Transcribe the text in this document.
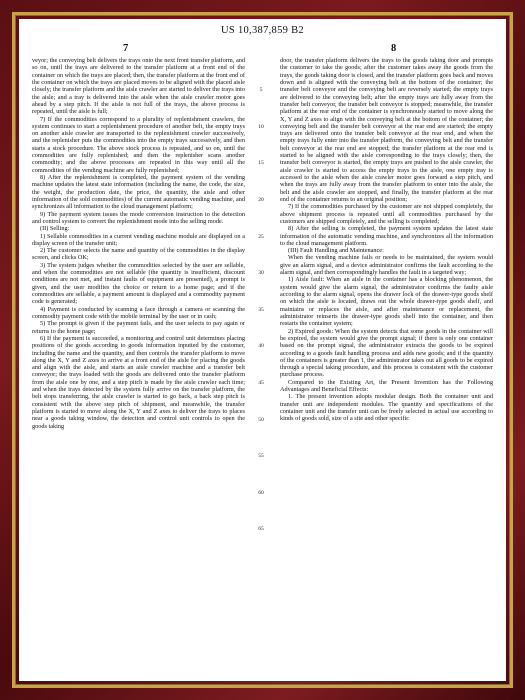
US 10,387,859 B2
7	8

veyor; the conveying belt delivers the trays onto the next front transfer platform, and so on, until the trays are delivered to the transfer platform at a front end of the container on which the trays are placed; then, the transfer platform at the front end of the container on which the trays are placed moves to be aligned with the placed aisle closely; the transfer platform and the aisle crawler are started to deliver the trays into the aisle; and a tray is delivered into the aisle when the aisle crawler motor goes ahead by a step pitch. If the aisle is not full of the trays, the above process is repeated, until the aisle is full;

7) If the commodities correspond to a plurality of replenishment crawlers, the system continues to start a replenishment procedure of another belt, the empty trays on another aisle crawler are transported to the replenishment crawler successively, and the replenisher puts the commodities into the empty trays successively, and then starts a stock procedure. The above stock process is repeated, and so on, until the commodities are fully replenished; and then the replenisher scans another commodity; and the above processes are repeated in this way until all the commodities of the vending machine are fully replenished;

8) After the replenishment is completed, the payment system of the vending machine updates the latest state information (including the name, the code, the size, the weight, the production date, the price, the quantity, the aisle and other information of the sold commodities) of the current automatic vending machine, and synchronizes all information to the cloud management platform;

9) The payment system issues the mode conversion instruction to the detection and control system to convert the replenishment mode into the selling mode.

(II) Selling:

1) Sellable commodities in a current vending machine module are displayed on a display screen of the transfer unit;

2) The customer selects the name and quantity of the commodities in the display screen, and clicks OK;

3) The system judges whether the commodities selected by the user are sellable, and when the commodities are not sellable (the quantity is insufficient, discount conditions are not met, and instant faults of equipment are presented), a prompt is given, and the user modifies the choice or return to a home page; and if the commodities are sellable, a payment amount is displayed and a commodity payment code is generated;

4) Payment is conducted by scanning a face through a camera or scanning the commodity payment code with the mobile terminal by the user or in cash;

5) The prompt is given if the payment fails, and the user selects to pay again or returns to the home page;

6) If the payment is succeeded, a monitoring and control unit determines placing positions of the goods according to goods information inputted by the customer, including the name and the quantity, and then controls the transfer platform to move along the X, Y and Z axes to arrive at a front end of the aisle for placing the goods and align with the aisle, and starts an aisle crawler machine and a transfer belt conveyor; the trays loaded with the goods are delivered onto the transfer platform from the aisle one by one, and a step pitch is made by the aisle crawler each time; and when the trays detected by the system fully arrive on the transfer platform, the belt stops transferring, the aisle crawler is started to go back, a back step pitch is consistent with the above step pitch of shipment, and meanwhile, the transfer platform is started to move along the X, Y and Z axes to deliver the trays to places near a goods taking window, the detection and control unit controls to open the goods taking

5
10
15
20
25
30
35
40
45
50
55
60
65

door, the transfer platform delivers the trays to the goods taking door and prompts the customer to take the goods; after the customer takes away the goods from the trays, the goods taking door is closed, and the transfer platform goes back and moves down and is aligned with the conveying belt at the bottom of the container; the transfer belt conveyor and the conveying belt are reversely started; the empty trays are delivered to the conveying belt; after the empty trays are fully away from the transfer belt conveyor, the transfer belt conveyor is stopped; meanwhile, the transfer platform at the rear end of the container is synchronously started to move along the X, Y and Z axes to align with the conveying belt at the bottom of the container; the conveying belt and the transfer belt conveyor at the rear end are started; the empty trays are delivered onto the transfer belt conveyor at the rear end, and when the empty trays fully enter into the transfer platform, the conveying belt and the transfer belt conveyor at the rear end are stopped; the transfer platform at the rear end is started to be aligned with the aisle corresponding to the trays closely; then, the transfer belt conveyor is started, the empty trays are pushed to the aisle crawler, the aisle crawler is started to access the empty trays to the aisle, one empty tray is accessed to the aisle when the aisle crawler motor goes forward a step pitch, and when the trays are fully away from the transfer platform to enter into the aisle, the belt and the aisle crawler are stopped, and finally, the transfer platform at the rear end of the container returns to an original position;

7) If the commodities purchased by the customer are not shipped completely, the above shipment process is repeated until all commodities purchased by the customers are shipped completely, and the selling is completed;

8) After the selling is completed, the payment system updates the latest state information of the automatic vending machine, and synchronizes all the information to the cloud management platform.

(III) Fault Handling and Maintenance:

When the vending machine fails or needs to be maintained, the system would give an alarm signal, and a device administrator confirms the fault according to the alarm signal, and then correspondingly handles the fault in a targeted way;

1) Aisle fault: When an aisle in the container has a blocking phenomenon, the system would give the alarm signal, the administrator confirms the faulty aisle according to the alarm signal, opens the drawer lock of the drawer-type goods shelf on which the aisle is located, draws out the whole drawer-type goods shelf, and maintains or replaces the aisle, and after maintenance or replacement, the administrator reinserts the drawer-type goods shelf into the container, and then restarts the container system;

2) Expired goods: When the system detects that some goods in the container will be expired, the system would give the prompt signal; if there is only one container based on the prompt signal, the administrator extracts the goods to be expired according to a goods fault handling process and adds new goods; and if the quantity of the containers is greater than 1, the administrator takes out all goods to be expired through a special taking procedure, and this process is consistent with the customer purchase process.

Compared to the Existing Art, the Present Invention has the Following Advantages and Beneficial Effects:

1. The present invention adopts modular design. Both the container unit and transfer unit are independent modules. The quantity and specifications of the container unit and the transfer unit can be freely selected in actual use according to kinds of goods sold, size of a site and other specific
